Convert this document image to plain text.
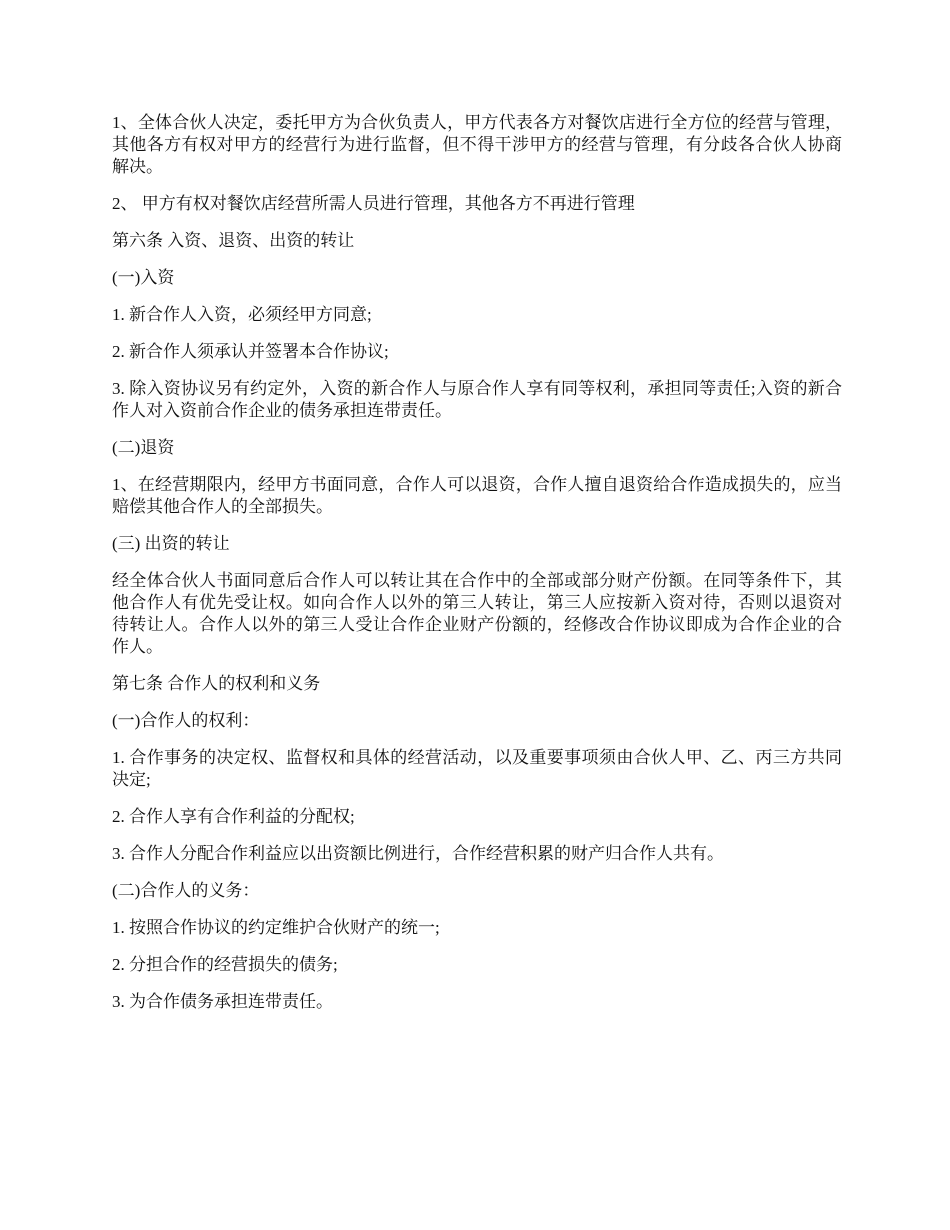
1、全体合伙人决定，委托甲方为合伙负责人，甲方代表各方对餐饮店进行全方位的经营与管理，其他各方有权对甲方的经营行为进行监督，但不得干涉甲方的经营与管理，有分歧各合伙人协商解决。

2、 甲方有权对餐饮店经营所需人员进行管理，其他各方不再进行管理

第六条 入资、退资、出资的转让

(一)入资

1. 新合作人入资，必须经甲方同意;

2. 新合作人须承认并签署本合作协议;

3. 除入资协议另有约定外，入资的新合作人与原合作人享有同等权利，承担同等责任;入资的新合作人对入资前合作企业的债务承担连带责任。

(二)退资

1、在经营期限内，经甲方书面同意，合作人可以退资，合作人擅自退资给合作造成损失的，应当赔偿其他合作人的全部损失。

(三) 出资的转让

经全体合伙人书面同意后合作人可以转让其在合作中的全部或部分财产份额。在同等条件下，其他合作人有优先受让权。如向合作人以外的第三人转让，第三人应按新入资对待，否则以退资对待转让人。合作人以外的第三人受让合作企业财产份额的，经修改合作协议即成为合作企业的合作人。

第七条 合作人的权利和义务

(一)合作人的权利：

1. 合作事务的决定权、监督权和具体的经营活动，以及重要事项须由合伙人甲、乙、丙三方共同决定;

2. 合作人享有合作利益的分配权;

3. 合作人分配合作利益应以出资额比例进行，合作经营积累的财产归合作人共有。

(二)合作人的义务：

1. 按照合作协议的约定维护合伙财产的统一;

2. 分担合作的经营损失的债务;

3. 为合作债务承担连带责任。
